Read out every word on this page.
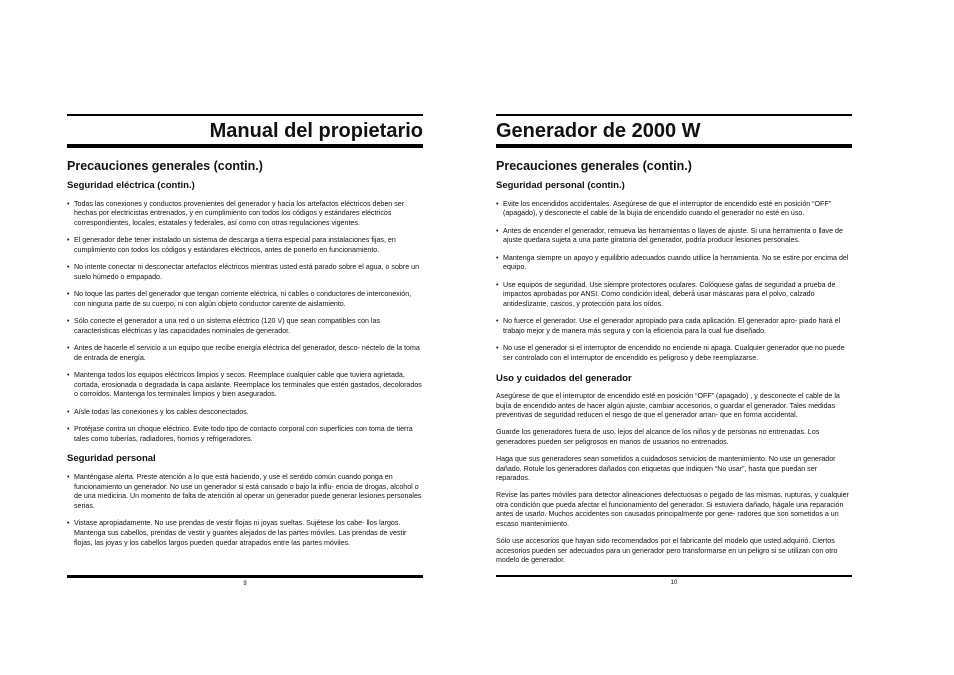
Manual del propietario
Precauciones generales (contin.)
Seguridad eléctrica (contin.)
• Todas las conexiones y conductos provenientes del generador y hacia los artefactos eléctricos deben ser hechas por electricistas entrenados, y en cumplimiento con todos los códigos y estándares eléctricos correspondientes, locales, estatales y federales, así como con otras regulaciones vigentes.
• El generador debe tener instalado un sistema de descarga a tierra especial para instalaciones fijas, en cumplimiento con todos los códigos y estándares eléctricos, antes de ponerlo en funcionamiento.
• No intente conectar ni desconectar artefactos eléctricos mientras usted está parado sobre el agua, o sobre un suelo húmedo o empapado.
• No toque las partes del generador que tengan corriente eléctrica, ni cables o conductores de interconexión, con ninguna parte de su cuerpo, ni con algún objeto conductor carente de aislamiento.
• Sólo conecte el generador a una red o un sistema eléctrico (120 V) que sean compatibles con las características eléctricas y las capacidades nominales de generador.
• Antes de hacerle el servicio a un equipo que recibe energía eléctrica del generador, desco- néctelo de la toma de entrada de energía.
• Mantenga todos los equipos eléctricos limpios y secos. Reemplace cualquier cable que tuviera agrietada, cortada, erosionada o degradada la capa aislante. Reemplace los terminales que estén gastados, decolorados o corroídos. Mantenga los terminales limpios y bien asegurados.
• Aísle todas las conexiones y los cables desconectados.
• Protéjase contra un choque eléctrico. Evite todo tipo de contacto corporal con superficies con toma de tierra tales como tuberías, radiadores, hornos y refrigeradores.
Seguridad personal
• Manténgase alerta. Preste atención a lo que está haciendo, y use el sentido común cuando ponga en funcionamiento un generador. No use un generador si está cansado o bajo la influ- encia de drogas, alcohol o de una medicina. Un momento de falta de atención al operar un generador puede generar lesiones personales serias.
• Vistase apropiadamente. No use prendas de vestir flojas ni joyas sueltas. Sujétese los cabe- llos largos. Mantenga sus cabellos, prendas de vestir y guantes alejados de las partes móviles. Las prendas de vestir flojas, las joyas y los cabellos largos pueden quedar atrapados entre las partes móviles.
9
Generador de 2000 W
Precauciones generales (contin.)
Seguridad personal (contin.)
• Evite los encendidos accidentales. Asegúrese de que el interruptor de encendido esté en posición “OFF” (apagado), y desconecte el cable de la bujía de encendido cuando el generador no esté en uso.
• Antes de encender el generador, remueva las herramientas o llaves de ajuste. Si una herramienta o llave de ajuste quedara sujeta a una parte giratoria del generador, podría producir lesiones personales.
• Mantenga siempre un apoyo y equilibrio adecuados cuando utilice la herramienta. No se estire por encima del equipo.
• Use equipos de seguridad. Use siempre protectores oculares. Colóquese gafas de seguridad a prueba de impactos aprobadas por ANSI. Como condición ideal, deberá usar máscaras para el polvo, calzado antideslizante, cascos, y protección para los oídos.
• No fuerce el generador. Use el generador apropiado para cada aplicación. El generador apro- piado hará el trabajo mejor y de manera más segura y con la eficiencia para la cual fue diseñado.
• No use el generador si el interruptor de encendido no enciende ni apaga. Cualquier generador que no puede ser controlado con el interruptor de encendido es peligroso y debe reemplazarse.
Uso y cuidados del generador
Asegúrese de que el interruptor de encendido esté en posición “OFF” (apagado) , y desconecte el cable de la bujía de encendido antes de hacer algún ajuste, cambiar accesorios, o guardar el generador. Tales medidas preventivas de seguridad reducen el riesgo de que el generador arran- que en forma accidental.
Guarde los generadores fuera de uso, lejos del alcance de los niños y de personas no entrenadas. Los generadores pueden ser peligrosos en manos de usuarios no entrenados.
Haga que sus generadores sean sometidos a cuidadosos servicios de mantenimiento. No use un generador dañado. Rotule los generadores dañados con etiquetas que indiquen “No usar”, hasta que puedan ser reparados.
Revise las partes móviles para detector alineaciones defectuosas o pegado de las mismas, rupturas, y cualquier otra condición que pueda afectar el funcionamiento del generador. Si estuviera dañado, hágale una reparación antes de usarlo. Muchos accidentes son causados principalmente por gene- radores que son sometidos a un escaso mantenimiento.
Sólo use accesorios que hayan sido recomendados por el fabricante del modelo que usted adquirió. Ciertos accesorios pueden ser adecuados para un generador pero transformarse en un peligro si se utilizan con otro modelo de generador.
10
